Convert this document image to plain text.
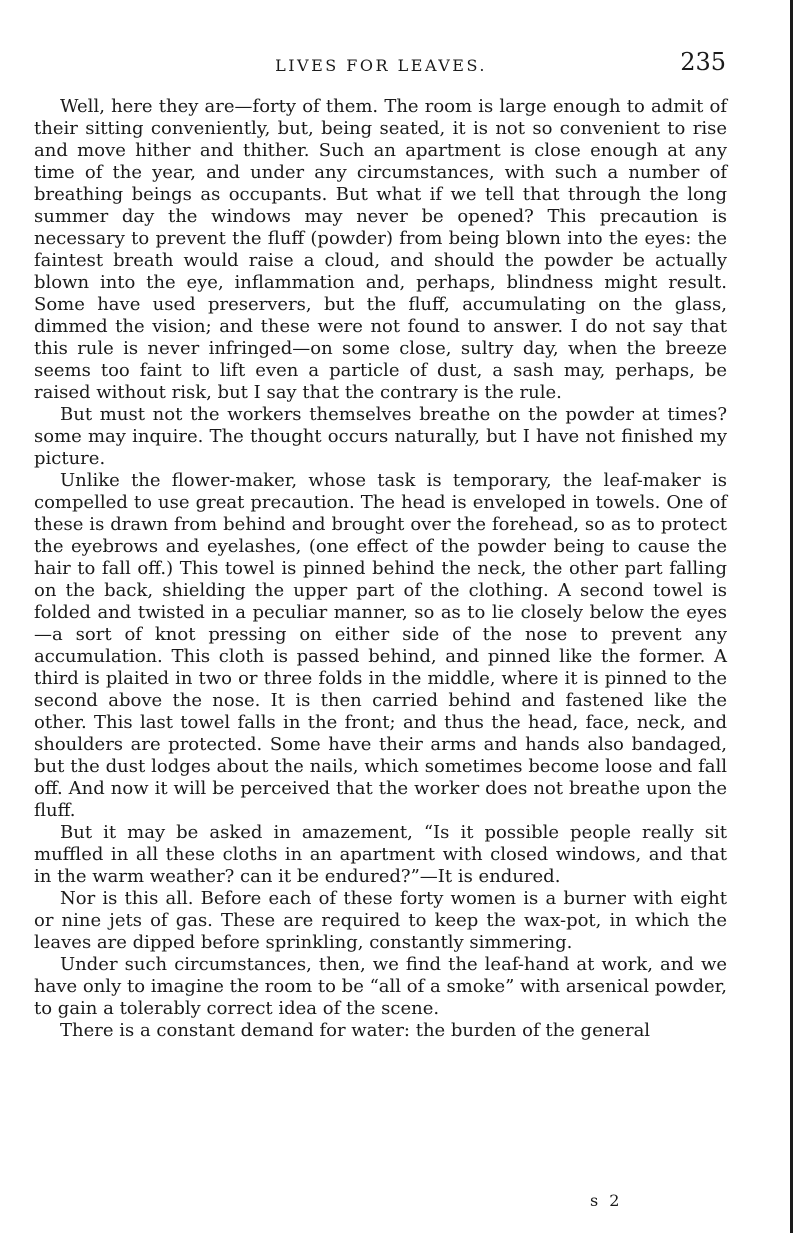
LIVES FOR LEAVES.	235

Well, here they are—forty of them. The room is large enough to admit of their sitting conveniently, but, being seated, it is not so convenient to rise and move hither and thither. Such an apartment is close enough at any time of the year, and under any circumstances, with such a number of breathing beings as occupants. But what if we tell that through the long summer day the windows may never be opened? This precaution is necessary to prevent the fluff (powder) from being blown into the eyes: the faintest breath would raise a cloud, and should the powder be actually blown into the eye, inflammation and, perhaps, blindness might result. Some have used preservers, but the fluff, accumulating on the glass, dimmed the vision; and these were not found to answer. I do not say that this rule is never infringed—on some close, sultry day, when the breeze seems too faint to lift even a particle of dust, a sash may, perhaps, be raised without risk, but I say that the contrary is the rule.

But must not the workers themselves breathe on the powder at times? some may inquire. The thought occurs naturally, but I have not finished my picture.

Unlike the flower-maker, whose task is temporary, the leaf-maker is compelled to use great precaution. The head is enveloped in towels. One of these is drawn from behind and brought over the forehead, so as to protect the eyebrows and eyelashes, (one effect of the powder being to cause the hair to fall off.) This towel is pinned behind the neck, the other part falling on the back, shielding the upper part of the clothing. A second towel is folded and twisted in a peculiar manner, so as to lie closely below the eyes—a sort of knot pressing on either side of the nose to prevent any accumulation. This cloth is passed behind, and pinned like the former. A third is plaited in two or three folds in the middle, where it is pinned to the second above the nose. It is then carried behind and fastened like the other. This last towel falls in the front; and thus the head, face, neck, and shoulders are protected. Some have their arms and hands also bandaged, but the dust lodges about the nails, which sometimes become loose and fall off. And now it will be perceived that the worker does not breathe upon the fluff.

But it may be asked in amazement, “Is it possible people really sit muffled in all these cloths in an apartment with closed windows, and that in the warm weather? can it be endured?”—It is endured.

Nor is this all. Before each of these forty women is a burner with eight or nine jets of gas. These are required to keep the wax-pot, in which the leaves are dipped before sprinkling, constantly simmering.

Under such circumstances, then, we find the leaf-hand at work, and we have only to imagine the room to be “all of a smoke” with arsenical powder, to gain a tolerably correct idea of the scene.

There is a constant demand for water: the burden of the general

s 2
